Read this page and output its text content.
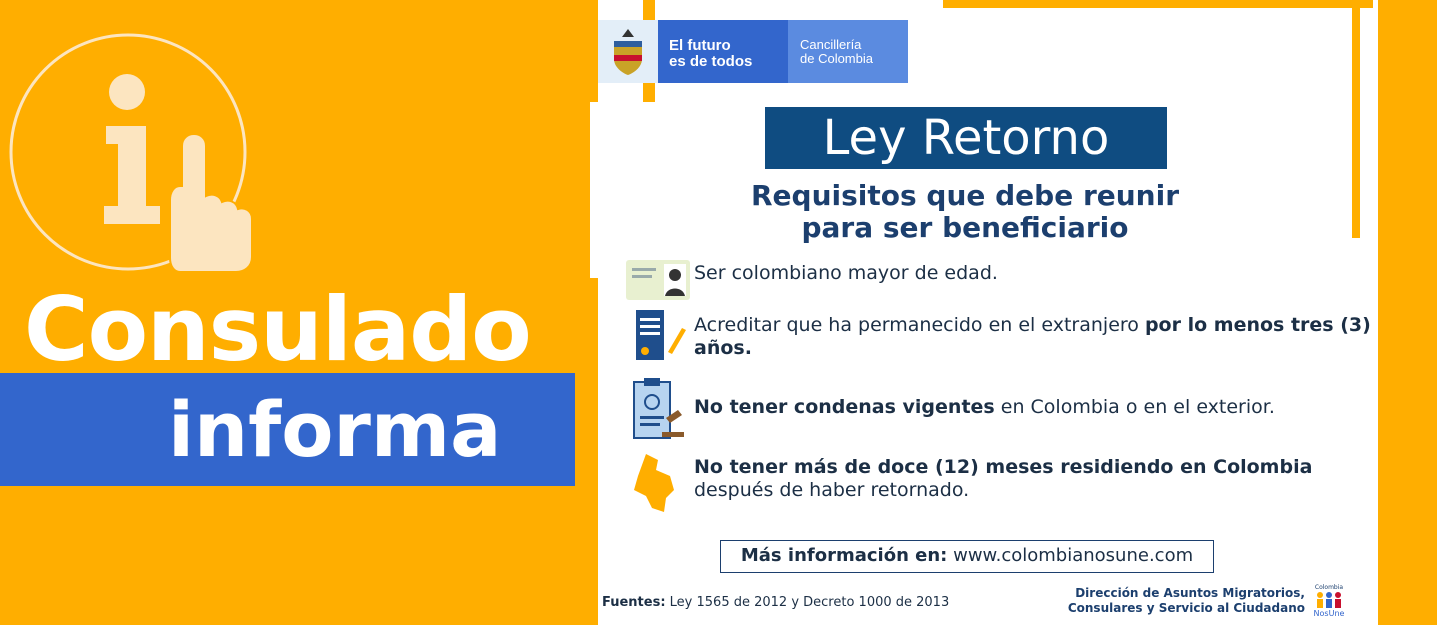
Consulado
informa
El futuro
es de todos
Cancillería
de Colombia
Ley Retorno
Requisitos que debe reunir
para ser beneficiario
Ser colombiano mayor de edad.
Acreditar que ha permanecido en el extranjero por lo menos tres (3) años.
No tener condenas vigentes en Colombia o en el exterior.
No tener más de doce (12) meses residiendo en Colombia
después de haber retornado.
Más información en: www.colombianosune.com
Fuentes: Ley 1565 de 2012 y Decreto 1000 de 2013
Dirección de Asuntos Migratorios,
Consulares y Servicio al Ciudadano
Colombia
NosUne
